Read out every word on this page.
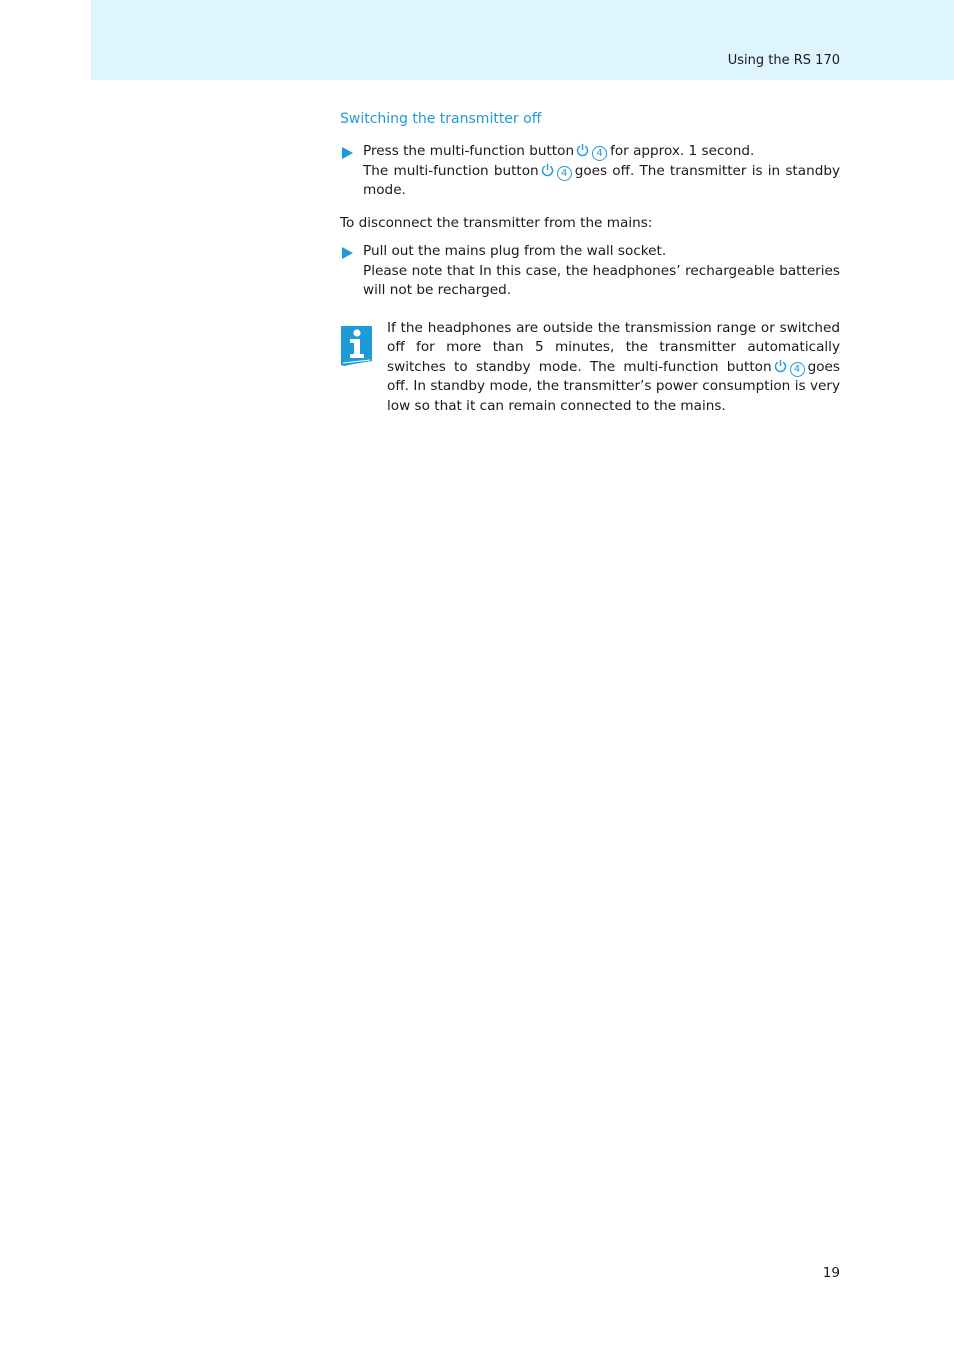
Using the RS 170
Switching the transmitter off

Press the multi-function button 4 for approx. 1 second.

The multi-function button 4 goes off. The transmitter is in standby mode.

To disconnect the transmitter from the mains:

Pull out the mains plug from the wall socket.

Please note that In this case, the headphones’ rechargeable batteries will not be recharged.

If the headphones are outside the transmission range or switched off for more than 5 minutes, the transmitter automatically switches to standby mode. The multi-function button 4 goes off. In standby mode, the transmitter’s power consumption is very low so that it can remain connected to the mains.

19
